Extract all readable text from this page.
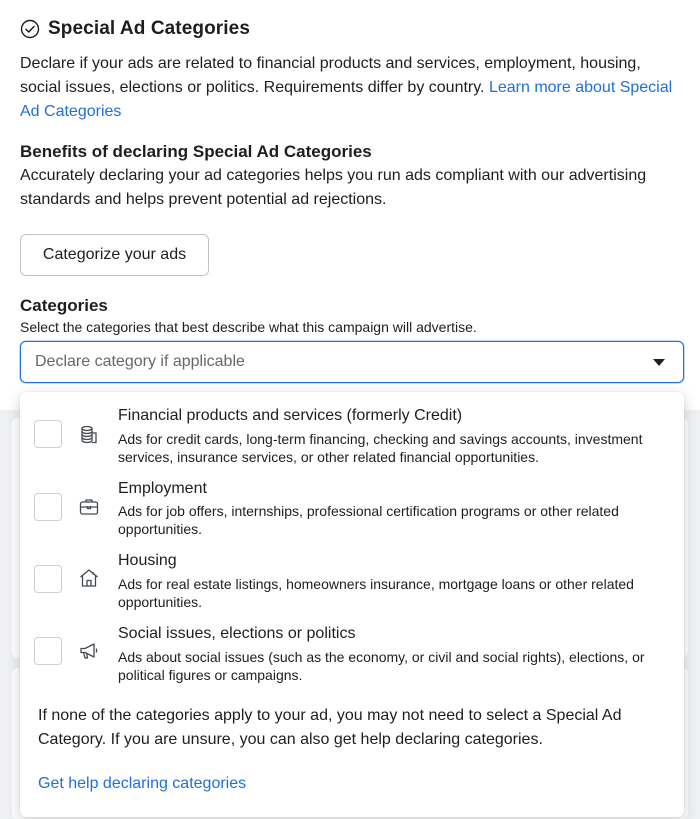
Special Ad Categories
Declare if your ads are related to financial products and services, employment, housing, social issues, elections or politics. Requirements differ by country. Learn more about Special Ad Categories
Benefits of declaring Special Ad Categories
Accurately declaring your ad categories helps you run ads compliant with our advertising standards and helps prevent potential ad rejections.
Categorize your ads
Categories
Select the categories that best describe what this campaign will advertise.
Declare category if applicable
Financial products and services (formerly Credit)
Ads for credit cards, long-term financing, checking and savings accounts, investment services, insurance services, or other related financial opportunities.
Employment
Ads for job offers, internships, professional certification programs or other related opportunities.
Housing
Ads for real estate listings, homeowners insurance, mortgage loans or other related opportunities.
Social issues, elections or politics
Ads about social issues (such as the economy, or civil and social rights), elections, or political figures or campaigns.
If none of the categories apply to your ad, you may not need to select a Special Ad Category. If you are unsure, you can also get help declaring categories.
Get help declaring categories
